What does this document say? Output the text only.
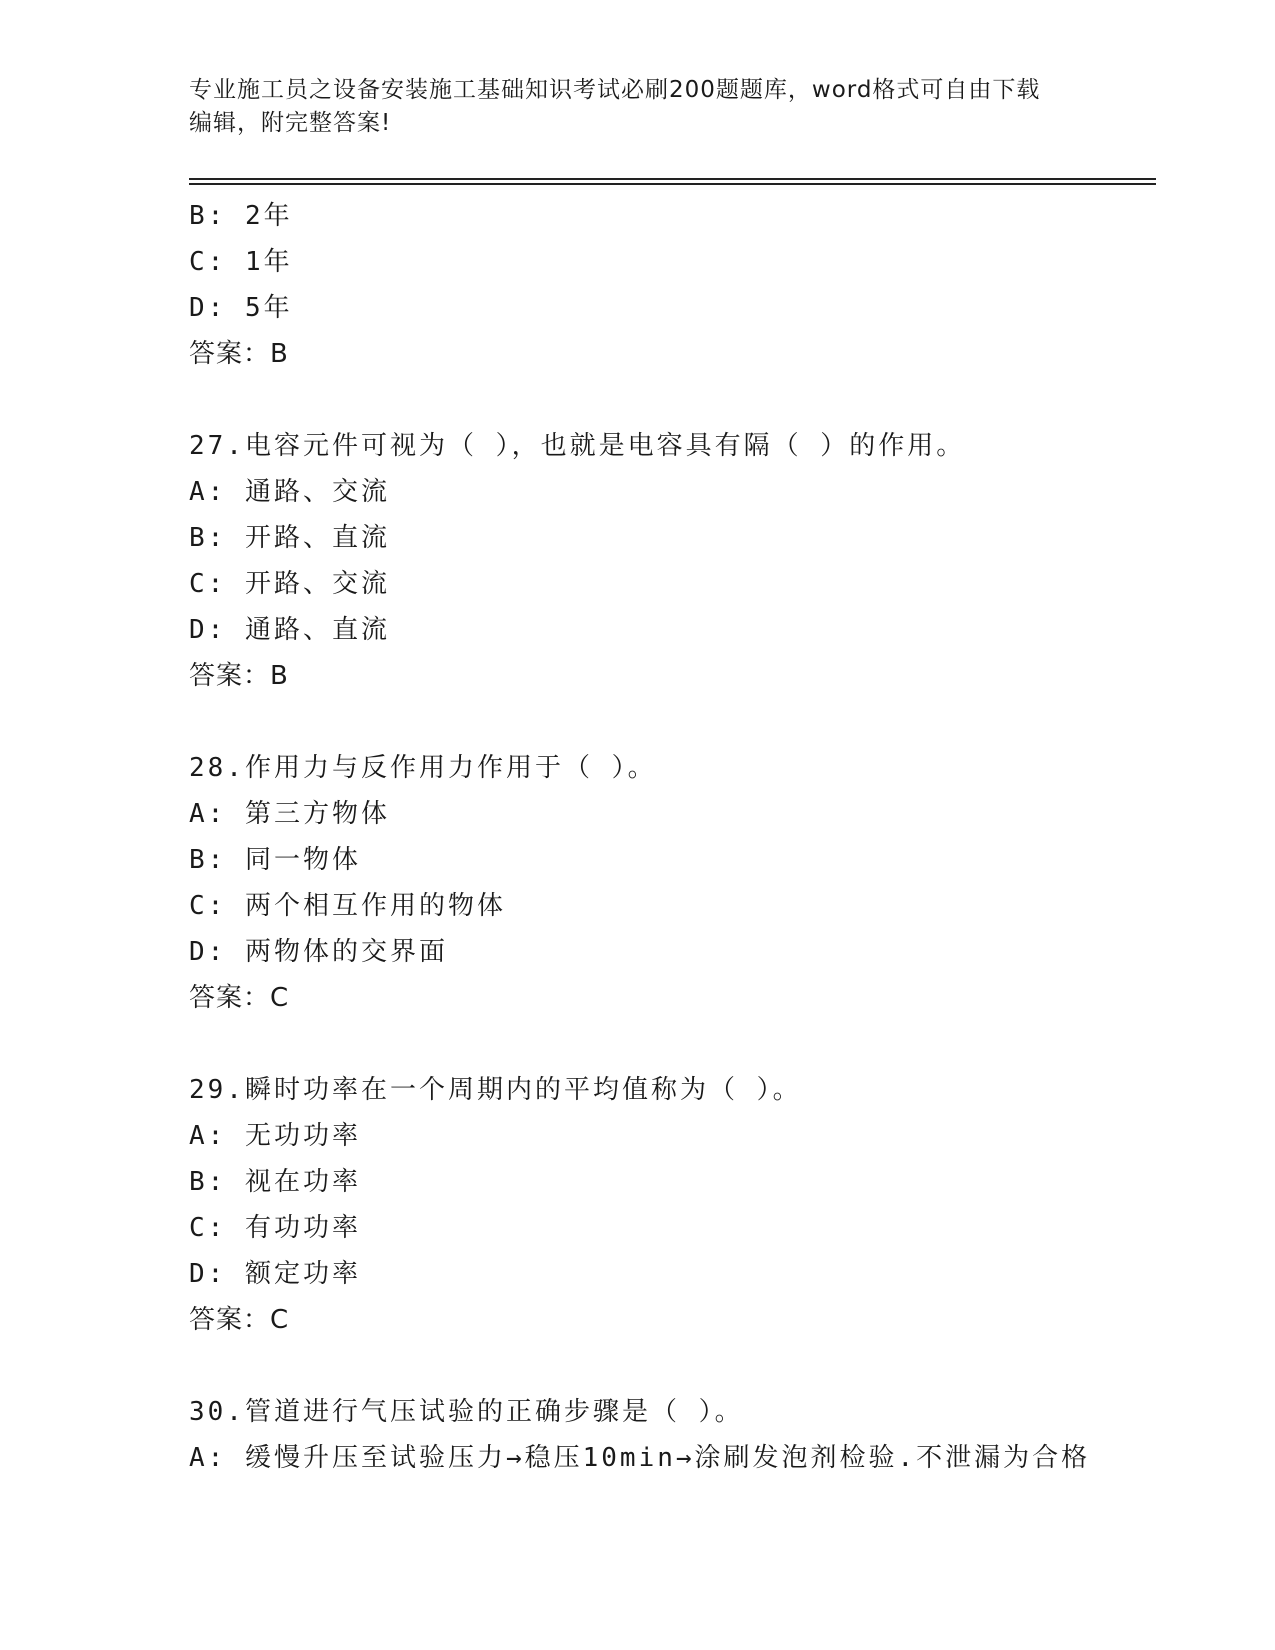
专业施工员之设备安装施工基础知识考试必刷200题题库，word格式可自由下载
编辑，附完整答案!
B: 2年
C: 1年
D: 5年
答案：B
27.电容元件可视为（ ），也就是电容具有隔（ ）的作用。
A: 通路、交流
B: 开路、直流
C: 开路、交流
D: 通路、直流
答案：B
28.作用力与反作用力作用于（ ）。
A: 第三方物体
B: 同一物体
C: 两个相互作用的物体
D: 两物体的交界面
答案：C
29.瞬时功率在一个周期内的平均值称为（ ）。
A: 无功功率
B: 视在功率
C: 有功功率
D: 额定功率
答案：C
30.管道进行气压试验的正确步骤是（ ）。
A: 缓慢升压至试验压力→稳压10min→涂刷发泡剂检验.不泄漏为合格
